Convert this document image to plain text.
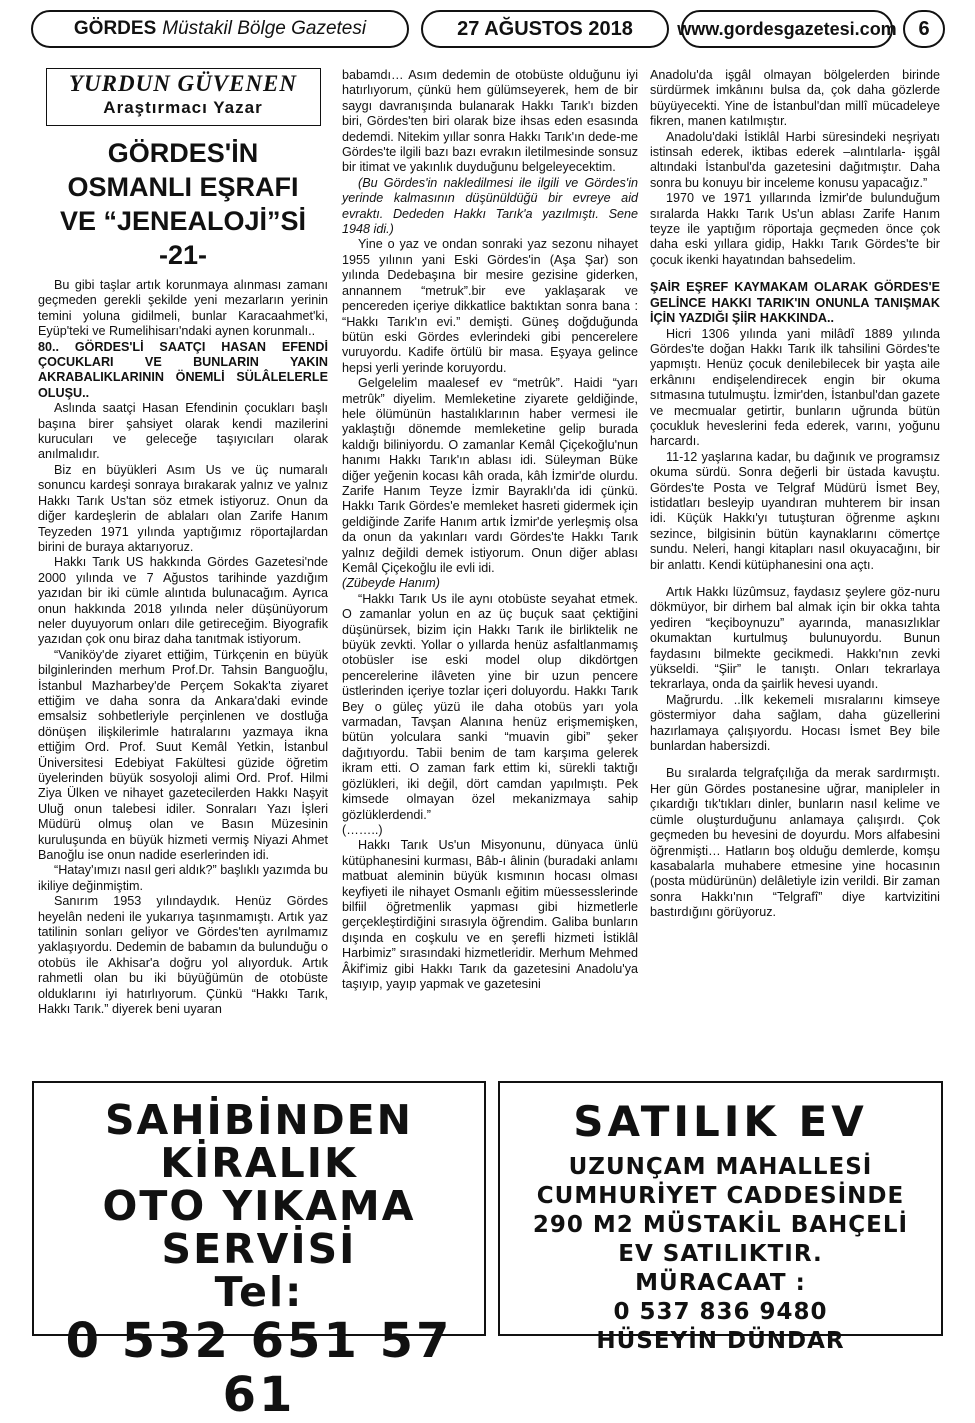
GÖRDES Müstakil Bölge Gazetesi	27 AĞUSTOS 2018	www.gordesgazetesi.com	6
YURDUN GÜVENEN
Araştırmacı Yazar
GÖRDES'İN
OSMANLI EŞRAFI
VE “JENEALOJİ”Sİ -21-

Bu gibi taşlar artık korunmaya alınması zamanı geçmeden gerekli şekilde yeni mezarların yerinin temini yoluna gidilmeli, bunlar Karacaahmet'ki, Eyüp'teki ve Rumelihisarı'ndaki aynen korunmalı..

80.. GÖRDES'Lİ SAATÇI HASAN EFENDİ ÇOCUKLARI VE BUNLARIN YAKIN AKRABALIKLARININ ÖNEMLİ SÜLÂLELERLE OLUŞU..

Aslında saatçi Hasan Efendinin çocukları başlı başına birer şahsiyet olarak kendi mazilerini kurucuları ve geleceğe taşıyıcıları olarak anılmalıdır.

Biz en büyükleri Asım Us ve üç numaralı sonuncu kardeşi sonraya bırakarak yalnız ve yalnız Hakkı Tarık Us'tan söz etmek istiyoruz. Onun da diğer kardeşlerin de ablaları olan Zarife Hanım Teyzeden 1971 yılında yaptığımız röportajlardan birini de buraya aktarıyoruz.

Hakkı Tarık US hakkında Gördes Gazetesi'nde 2000 yılında ve 7 Ağustos tarihinde yazdığım yazıdan bir iki cümle alıntıda bulunacağım. Ayrıca onun hakkında 2018 yılında neler düşünüyorum neler duyuyorum onları dile getireceğim. Biyografik yazıdan çok onu biraz daha tanıtmak istiyorum.

“Vaniköy'de ziyaret ettiğim, Türkçenin en büyük bilginlerinden merhum Prof.Dr. Tahsin Banguoğlu, İstanbul Mazharbey'de Perçem Sokak'ta ziyaret ettiğim ve daha sonra da Ankara'daki evinde emsalsiz sohbetleriyle perçinlenen ve dostluğa dönüşen ilişkilerimle hatıralarını yazmaya ikna ettiğim Ord. Prof. Suut Kemâl Yetkin, İstanbul Üniversitesi Edebiyat Fakültesi güzide öğretim üyelerinden büyük sosyoloji alimi Ord. Prof. Hilmi Ziya Ülken ve nihayet gazetecilerden Hakkı Naşyit Uluğ onun talebesi idiler. Sonraları Yazı İşleri Müdürü olmuş olan ve Basın Müzesinin kuruluşunda en büyük hizmeti vermiş Niyazi Ahmet Banoğlu ise onun nadide eserlerinden idi.

“Hatay'ımızı nasıl geri aldık?” başlıklı yazımda bu ikiliye değinmiştim.

Sanırım 1953 yılındaydık. Henüz Gördes heyelân nedeni ile yukarıya taşınmamıştı. Artık yaz tatilinin sonları geliyor ve Gördes'ten ayrılmamız yaklaşıyordu. Dedemin de babamın da bulunduğu o otobüs ile Akhisar'a doğru yol alıyorduk. Artık rahmetli olan bu iki büyüğümün de otobüste olduklarını iyi hatırlıyorum. Çünkü “Hakkı Tarık, Hakkı Tarık.” diyerek beni uyaran

babamdı… Asım dedemin de otobüste olduğunu iyi hatırlıyorum, çünkü hem gülümseyerek, hem de bir saygı davranışında bulanarak Hakkı Tarık'ı bizden biri, Gördes'ten biri olarak bize ihsas eden esasında dedemdi. Nitekim yıllar sonra Hakkı Tarık'ın dede-me Gördes'te ilgili bazı bazı evrakın iletilmesinde sonsuz bir itimat ve yakınlık duyduğunu belgeleyecektim.

(Bu Gördes'in nakledilmesi ile ilgili ve Gördes'in yerinde kalmasının düşünüldüğü bir evreye aid evraktı. Dededen Hakkı Tarık'a yazılmıştı. Sene 1948 idi.)

Yine o yaz ve ondan sonraki yaz sezonu nihayet 1955 yılının yani Eski Gördes'in (Aşa Şar) son yılında Dedebaşına bir mesire gezisine giderken, annannem “metruk”.bir eve yaklaşarak ve pencereden içeriye dikkatlice baktıktan sonra bana : “Hakkı Tarık'ın evi.” demişti. Güneş doğduğunda bütün eski Gördes evlerindeki gibi pencerelere vuruyordu. Kadife örtülü bir masa. Eşyaya gelince hepsi yerli yerinde koruyordu.

Gelgelelim maalesef ev “metrûk”. Haidi “yarı metrûk” diyelim. Memleketine ziyarete geldiğinde, hele ölümünün hastalıklarının haber vermesi ile yaklaştığı dönemde memleketine gelip burada kaldığı biliniyordu. O zamanlar Kemâl Çiçekoğlu'nun hanımı Hakkı Tarık'ın ablası idi. Süleyman Büke diğer yeğenin kocası kâh orada, kâh İzmir'de olurdu. Zarife Hanım Teyze İzmir Bayraklı'da idi çünkü. Hakkı Tarık Gördes'e memleket hasreti gidermek için geldiğinde Zarife Hanım artık İzmir'de yerleşmiş olsa da onun da yakınları vardı Gördes'te Hakkı Tarık yalnız değildi demek istiyorum. Onun diğer ablası Kemâl Çiçekoğlu ile evli idi.

(Zübeyde Hanım)

“Hakkı Tarık Us ile aynı otobüste seyahat etmek. O zamanlar yolun en az üç buçuk saat çektiğini düşünürsek, bizim için Hakkı Tarık ile birliktelik ne büyük zevkti. Yollar o yıllarda henüz asfaltlanmamış otobüsler ise eski model olup dikdörtgen pencerelerine ilâveten yine bir uzun pencere üstlerinden içeriye tozlar içeri doluyordu. Hakkı Tarık Bey o güleç yüzü ile daha otobüs yarı yola varmadan, Tavşan Alanına henüz erişmemişken, bütün yolculara sanki “muavin gibi” şeker dağıtıyordu. Tabii benim de tam karşıma gelerek ikram etti. O zaman fark ettim ki, sürekli taktığı gözlükleri, iki değil, dört camdan yapılmıştı. Pek kimsede olmayan özel mekanizmaya sahip gözlüklerdendi.”

(……..)

Hakkı Tarık Us'un Misyonunu, dünyaca ünlü kütüphanesini kurması, Bâb-ı âlinin (buradaki anlamı matbuat aleminin büyük kısmının hocası olması keyfiyeti ile nihayet Osmanlı eğitim müessesslerinde bilfiil öğretmenlik yapması gibi hizmetlerle gerçekleştirdiğini sırasıyla öğrendim. Galiba bunların dışında en coşkulu ve en şerefli hizmeti İstiklâl Harbimiz” sırasındaki hizmetleridir. Merhum Mehmed Âkif'imiz gibi Hakkı Tarık da gazetesini Anadolu'ya taşıyıp, yayıp yapmak ve gazetesini

Anadolu'da işgâl olmayan bölgelerden birinde sürdürmek imkânını bulsa da, çok daha gözlerde büyüyecekti. Yine de İstanbul'dan millî mücadeleye fikren, manen katılmıştır.

Anadolu'daki İstiklâl Harbi süresindeki neşriyatı istinsah ederek, iktibas ederek –alıntılarla- işgâl altındaki İstanbul'da gazetesini dağıtmıştır. Daha sonra bu konuyu bir inceleme konusu yapacağız.”

1970 ve 1971 yıllarında İzmir'de bulunduğum sıralarda Hakkı Tarık Us'un ablası Zarife Hanım teyze ile yaptığım röportaja geçmeden önce çok daha eski yıllara gidip, Hakkı Tarık Gördes'te bir çocuk ikenki hayatından bahsedelim.

ŞAİR EŞREF KAYMAKAM OLARAK GÖRDES'E GELİNCE HAKKI TARIK'IN ONUNLA TANIŞMAK İÇİN YAZDIĞI ŞİİR HAKKINDA..

Hicri 1306 yılında yani milâdî 1889 yılında Gördes'te doğan Hakkı Tarık ilk tahsilini Gördes'te yapmıştı. Henüz çocuk denilebilecek bir yaşta aile erkânını endişelendirecek engin bir okuma sıtmasına tutulmuştu. İzmir'den, İstanbul'dan gazete ve mecmualar getirtir, bunların uğrunda bütün çocukluk heveslerini feda ederek, varını, yoğunu harcardı.

11-12 yaşlarına kadar, bu dağınık ve programsız okuma sürdü. Sonra değerli bir üstada kavuştu. Gördes'te Posta ve Telgraf Müdürü İsmet Bey, istidatları besleyip uyandıran muhterem bir insan idi. Küçük Hakkı'yı tutuşturan öğrenme aşkını sezince, bilgisinin bütün kaynaklarını cömertçe sundu. Neleri, hangi kitapları nasıl okuyacağını, bir bir anlattı. Kendi kütüphanesini ona açtı.

Artık Hakkı lüzûmsuz, faydasız şeylere göz-nuru dökmüyor, bir dirhem bal almak için bir okka tahta yediren “keçiboynuzu” ayarında, manasızlıklar okumaktan kurtulmuş bulunuyordu. Bunun faydasını bilmekte gecikmedi. Hakkı'nın zevki yükseldi. “Şiir” le tanıştı. Onları tekrarlaya tekrarlaya, onda da şairlik hevesi uyandı.

Mağrurdu. ..İlk kekemeli mısralarını kimseye göstermiyor daha sağlam, daha güzellerini hazırlamaya çalışıyordu. Hocası İsmet Bey bile bunlardan habersizdi.

Bu sıralarda telgrafçılığa da merak sardırmıştı. Her gün Gördes postanesine uğrar, manipleler in çıkardığı tık'tıkları dinler, bunların nasıl kelime ve cümle oluşturduğunu anlamaya çalışırdı. Çok geçmeden bu hevesini de doyurdu. Mors alfabesini öğrenmişti… Hatların boş olduğu demlerde, komşu kasabalarla muhabere etmesine yine hocasının (posta müdürünün) delâletiyle izin verildi. Bir zaman sonra Hakkı'nın “Telgrafî” diye kartvizitini bastırdığını görüyoruz.

SAHİBİNDEN
KİRALIK
OTO YIKAMA
SERVİSİ
Tel:
0 532 651 57 61
SATILIK EV
UZUNÇAM MAHALLESİ
CUMHURİYET CADDESİNDE
290 M2 MÜSTAKİL BAHÇELİ
EV SATILIKTIR.
MÜRACAAT :
0 537 836 9480
HÜSEYİN DÜNDAR
